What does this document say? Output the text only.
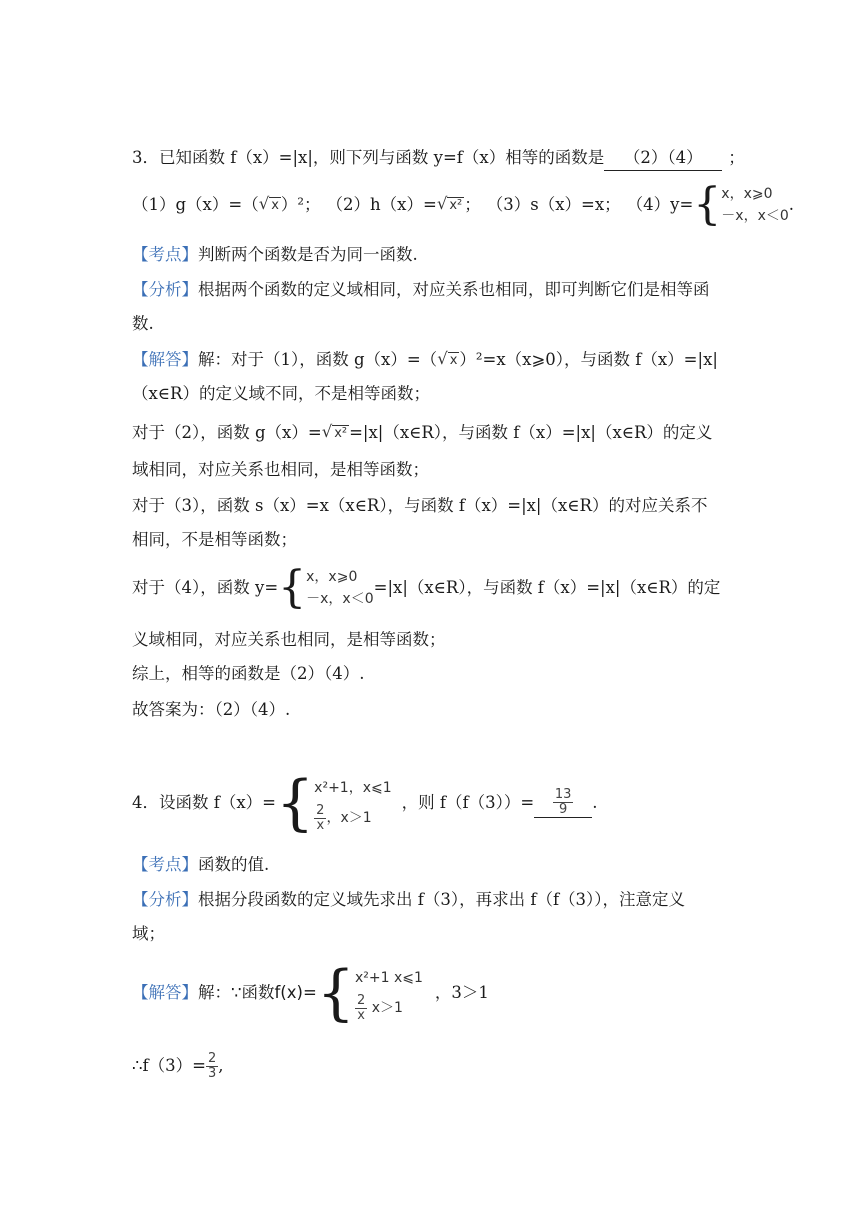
3．已知函数 f（x）=|x|，则下列与函数 y=f（x）相等的函数是 （2）（4） ；
（1）g（x）=（ √ x ）²； （2）h（x）= √ x² ； （3）s（x）=x； （4）y= { x，x⩾0
－x，x＜0
.
【考点】判断两个函数是否为同一函数.
【分析】根据两个函数的定义域相同，对应关系也相同，即可判断它们是相等函
数.
【解答】 解：对于（1），函数 g（x）=（ √ x ）²=x（x⩾0），与函数 f（x）=|x|
（x∈R）的定义域不同，不是相等函数；
对于（2），函数 g（x）= √ x² =|x|（x∈R），与函数 f（x）=|x|（x∈R）的定义
域相同，对应关系也相同，是相等函数；
对于（3），函数 s（x）=x（x∈R），与函数 f（x）=|x|（x∈R）的对应关系不
相同，不是相等函数；
对于（4），函数 y= { x，x⩾0
－x，x＜0
=|x|（x∈R），与函数 f（x）=|x|（x∈R）的定
义域相同，对应关系也相同，是相等函数；
综上，相等的函数是（2）（4）.
故答案为：（2）（4）.
4．设函数 f（x）= { x²+1，x⩽1
$\frac{2}{x}$ ，x＞1
，则 $f(f(3))= \frac{13}{9}$ .
【考点】函数的值.
【分析】根据分段函数的定义域先求出 f（3），再求出 f（f（3）），注意定义
域；
【解答】 解：∵函数f(x)= { x²+1 x⩽1
$\frac{2}{x} x>1$
，3＞1
∴f（3）= $\frac{2}{3}$ ,
